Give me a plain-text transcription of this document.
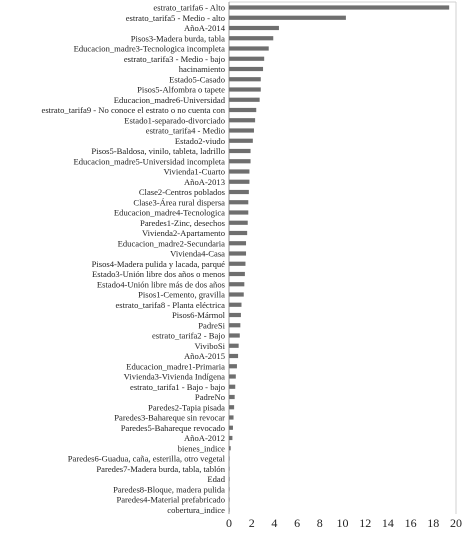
estrato_tarifa6 - Alto
estrato_tarifa5 - Medio - alto
AñoA-2014
Pisos3-Madera burda, tabla
Educacion_madre3-Tecnologica incompleta
estrato_tarifa3 - Medio - bajo
hacinamiento
Estado5-Casado
Pisos5-Alfombra o tapete
Educacion_madre6-Universidad
estrato_tarifa9 - No conoce el estrato o no cuenta con
Estado1-separado-divorciado
estrato_tarifa4 - Medio
Estado2-viudo
Pisos5-Baldosa, vinilo, tableta, ladrillo
Educacion_madre5-Universidad incompleta
Vivienda1-Cuarto
AñoA-2013
Clase2-Centros poblados
Clase3-Área rural dispersa
Educacion_madre4-Tecnologica
Paredes1-Zinc, desechos
Vivienda2-Apartamento
Educacion_madre2-Secundaria
Vivienda4-Casa
Pisos4-Madera pulida y lacada, parqué
Estado3-Unión libre dos años o menos
Estado4-Unión libre más de dos años
Pisos1-Cemento, gravilla
estrato_tarifa8 - Planta eléctrica
Pisos6-Mármol
PadreSi
estrato_tarifa2 - Bajo
ViviboSi
AñoA-2015
Educacion_madre1-Primaria
Vivienda3-Vivienda Indígena
estrato_tarifa1 - Bajo - bajo
PadreNo
Paredes2-Tapia pisada
Paredes3-Bahareque sin revocar
Paredes5-Bahareque revocado
AñoA-2012
bienes_indice
Paredes6-Guadua, caña, esterilla, otro vegetal
Paredes7-Madera burda, tabla, tablón
Edad
Paredes8-Bloque, madera pulida
Paredes4-Material prefabricado
cobertura_indice
0 2 4 6 8 10 12 14 16 18 20
